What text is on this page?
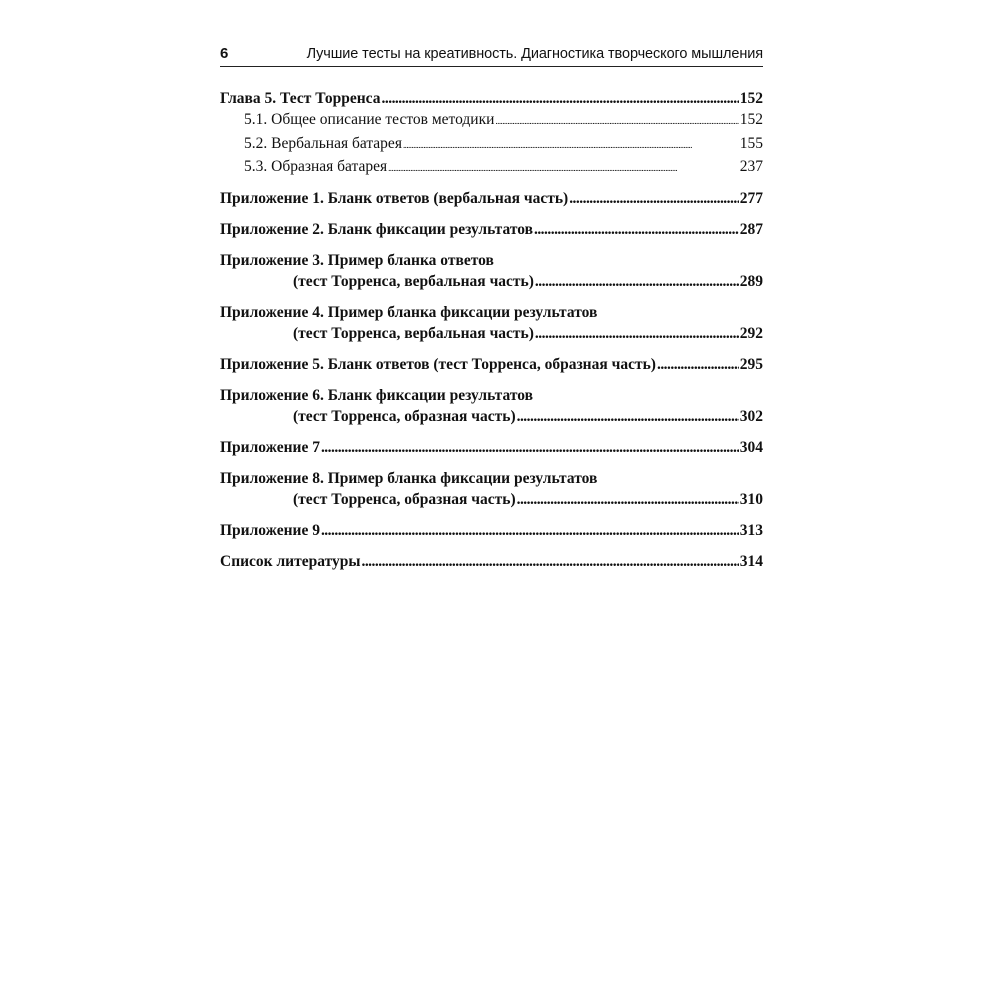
6	Лучшие тесты на креативность. Диагностика творческого мышления
Глава 5. Тест Торренса . . .	152
5.1. Общее описание тестов методики . . .	152
5.2. Вербальная батарея . . .	155
5.3. Образная батарея . . .	237
Приложение 1. Бланк ответов (вербальная часть) . . .	277
Приложение 2. Бланк фиксации результатов . . .	287
Приложение 3. Пример бланка ответов
(тест Торренса, вербальная часть) . . .	289
Приложение 4. Пример бланка фиксации результатов
(тест Торренса, вербальная часть) . . .	292
Приложение 5. Бланк ответов (тест Торренса, образная часть) . . .	295
Приложение 6. Бланк фиксации результатов
(тест Торренса, образная часть) . . .	302
Приложение 7 . . .	304
Приложение 8. Пример бланка фиксации результатов
(тест Торренса, образная часть) . . .	310
Приложение 9 . . .	313
Список литературы . . .	314
